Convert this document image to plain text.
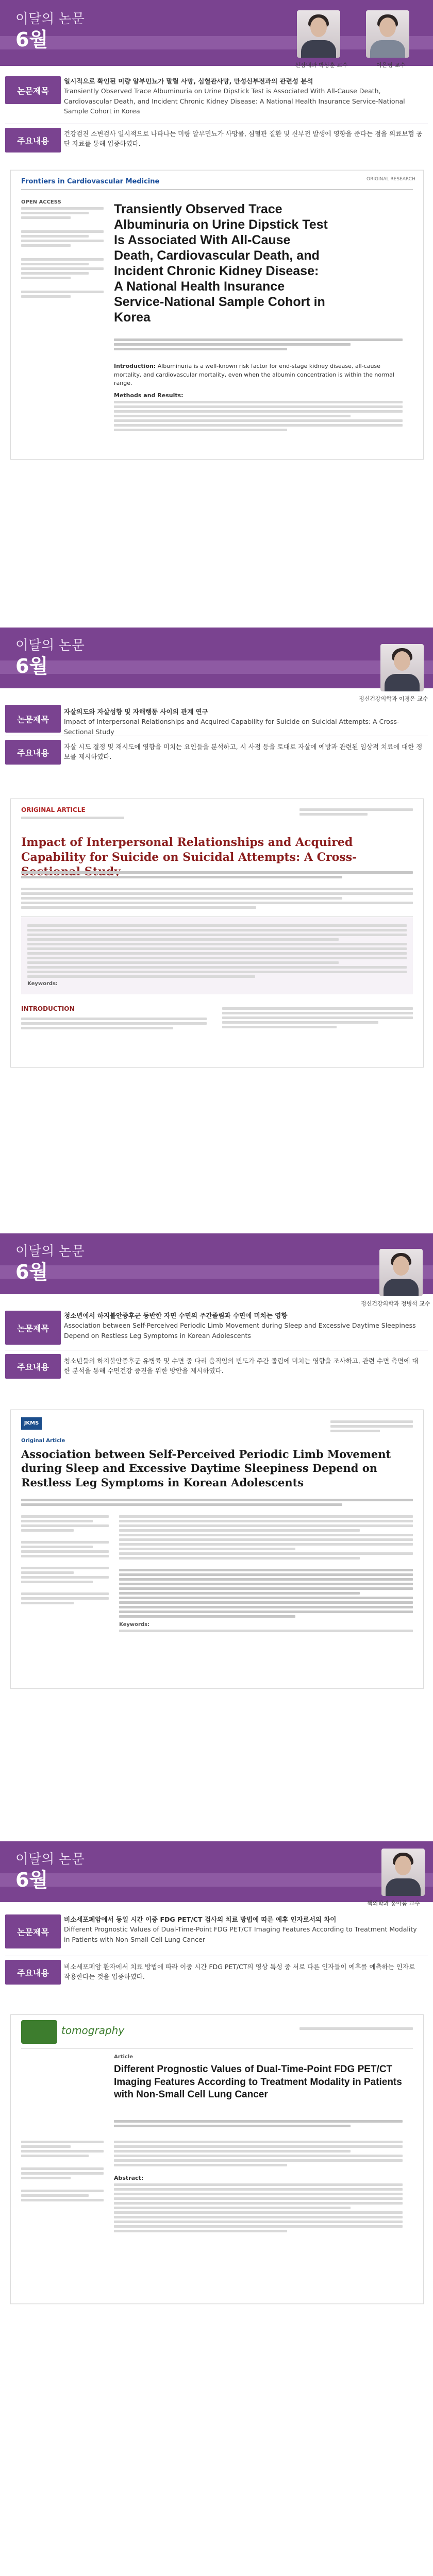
이달의 논문
6월
신장내과 박상훈 교수	이은영 교수
논문제목
일시적으로 확인된 미량 알부민뇨가 말릴 사망, 심혈관사망, 만성신부전과의 관련성 분석
Transiently Observed Trace Albuminuria on Urine Dipstick Test is Associated With All-Cause Death, Cardiovascular Death, and Incident Chronic Kidney Disease: A National Health Insurance Service-National Sample Cohort in Korea
주요내용
건강검진 소변검사 일시적으로 나타나는 미량 알부민뇨가 사망률, 심혈관 질환 및 신부전 발생에 영향을 준다는 점을 의료보험 공단 자료를 통해 입증하였다.
Frontiers in Cardiovascular Medicine	ORIGINAL RESEARCH
OPEN ACCESS	Transiently Observed Trace Albuminuria on Urine Dipstick Test Is Associated With All-Cause Death, Cardiovascular Death, and Incident Chronic Kidney Disease: A National Health Insurance Service-National Sample Cohort in Korea
Introduction: Albuminuria is a well-known risk factor for end-stage kidney disease, all-cause mortality, and cardiovascular mortality, even when the albumin concentration is within the normal range.
Methods and Results:
이달의 논문
6월
정신건강의학과 이경은 교수
논문제목
자살의도와 자살성향 및 자해행동 사이의 관계 연구
Impact of Interpersonal Relationships and Acquired Capability for Suicide on Suicidal Attempts: A Cross-Sectional Study
주요내용
자살 시도 결정 및 재시도에 영향을 미치는 요인들을 분석하고, 시 사점 등을 토대로 자살에 예방과 관련된 임상적 치료에 대한 정보를 제시하였다.
ORIGINAL ARTICLE
Impact of Interpersonal Relationships and Acquired Capability for Suicide on Suicidal Attempts: A Cross-
Keywords:
INTRODUCTION
이달의 논문
6월
정신건강의학과 정병석 교수
논문제목
청소년에서 하지불안증후군 동반한 자면 수면의 주간졸림과 수면에 미치는 영향
Association between Self-Perceived Periodic Limb Movement during Sleep and Excessive Daytime Sleepiness Depend on Restless Leg Symptoms in Korean Adolescents
주요내용
청소년들의 하지불안증후군 유병률 및 수면 중 다리 움직임의 빈도가 주간 졸림에 미치는 영향을 조사하고, 관련 수면 측면에 대한 분석을 통해 수면건강 증진을 위한 방안을 제시하였다.
JKMS
Original Article
Association between Self-Perceived Periodic Limb Movement during Sleep and Excessive Daytime Sleepiness Depend on Restless Leg Symptoms in Korean Adolescents
Keywords:
이달의 논문
6월
핵의학과 홍아롬 교수
논문제목
비소세포폐암에서 동일 시간 이중 FDG PET/CT 검사의 치료 방법에 따른 예후 인자로서의 차이
Different Prognostic Values of Dual-Time-Point FDG PET/CT Imaging Features According to Treatment Modality in Patients with Non-Small Cell Lung Cancer
주요내용
비소세포폐암 환자에서 치료 방법에 따라 이중 시간 FDG PET/CT의 영상 특성 중 서로 다른 인자들이 예후를 예측하는 인자로 작용한다는 것을 입증하였다.
tomography
Article
Different Prognostic Values of Dual-Time-Point FDG PET/CT Imaging Features According to Treatment Modality in Patients with Non-Small Cell Lung Cancer
Abstract:
